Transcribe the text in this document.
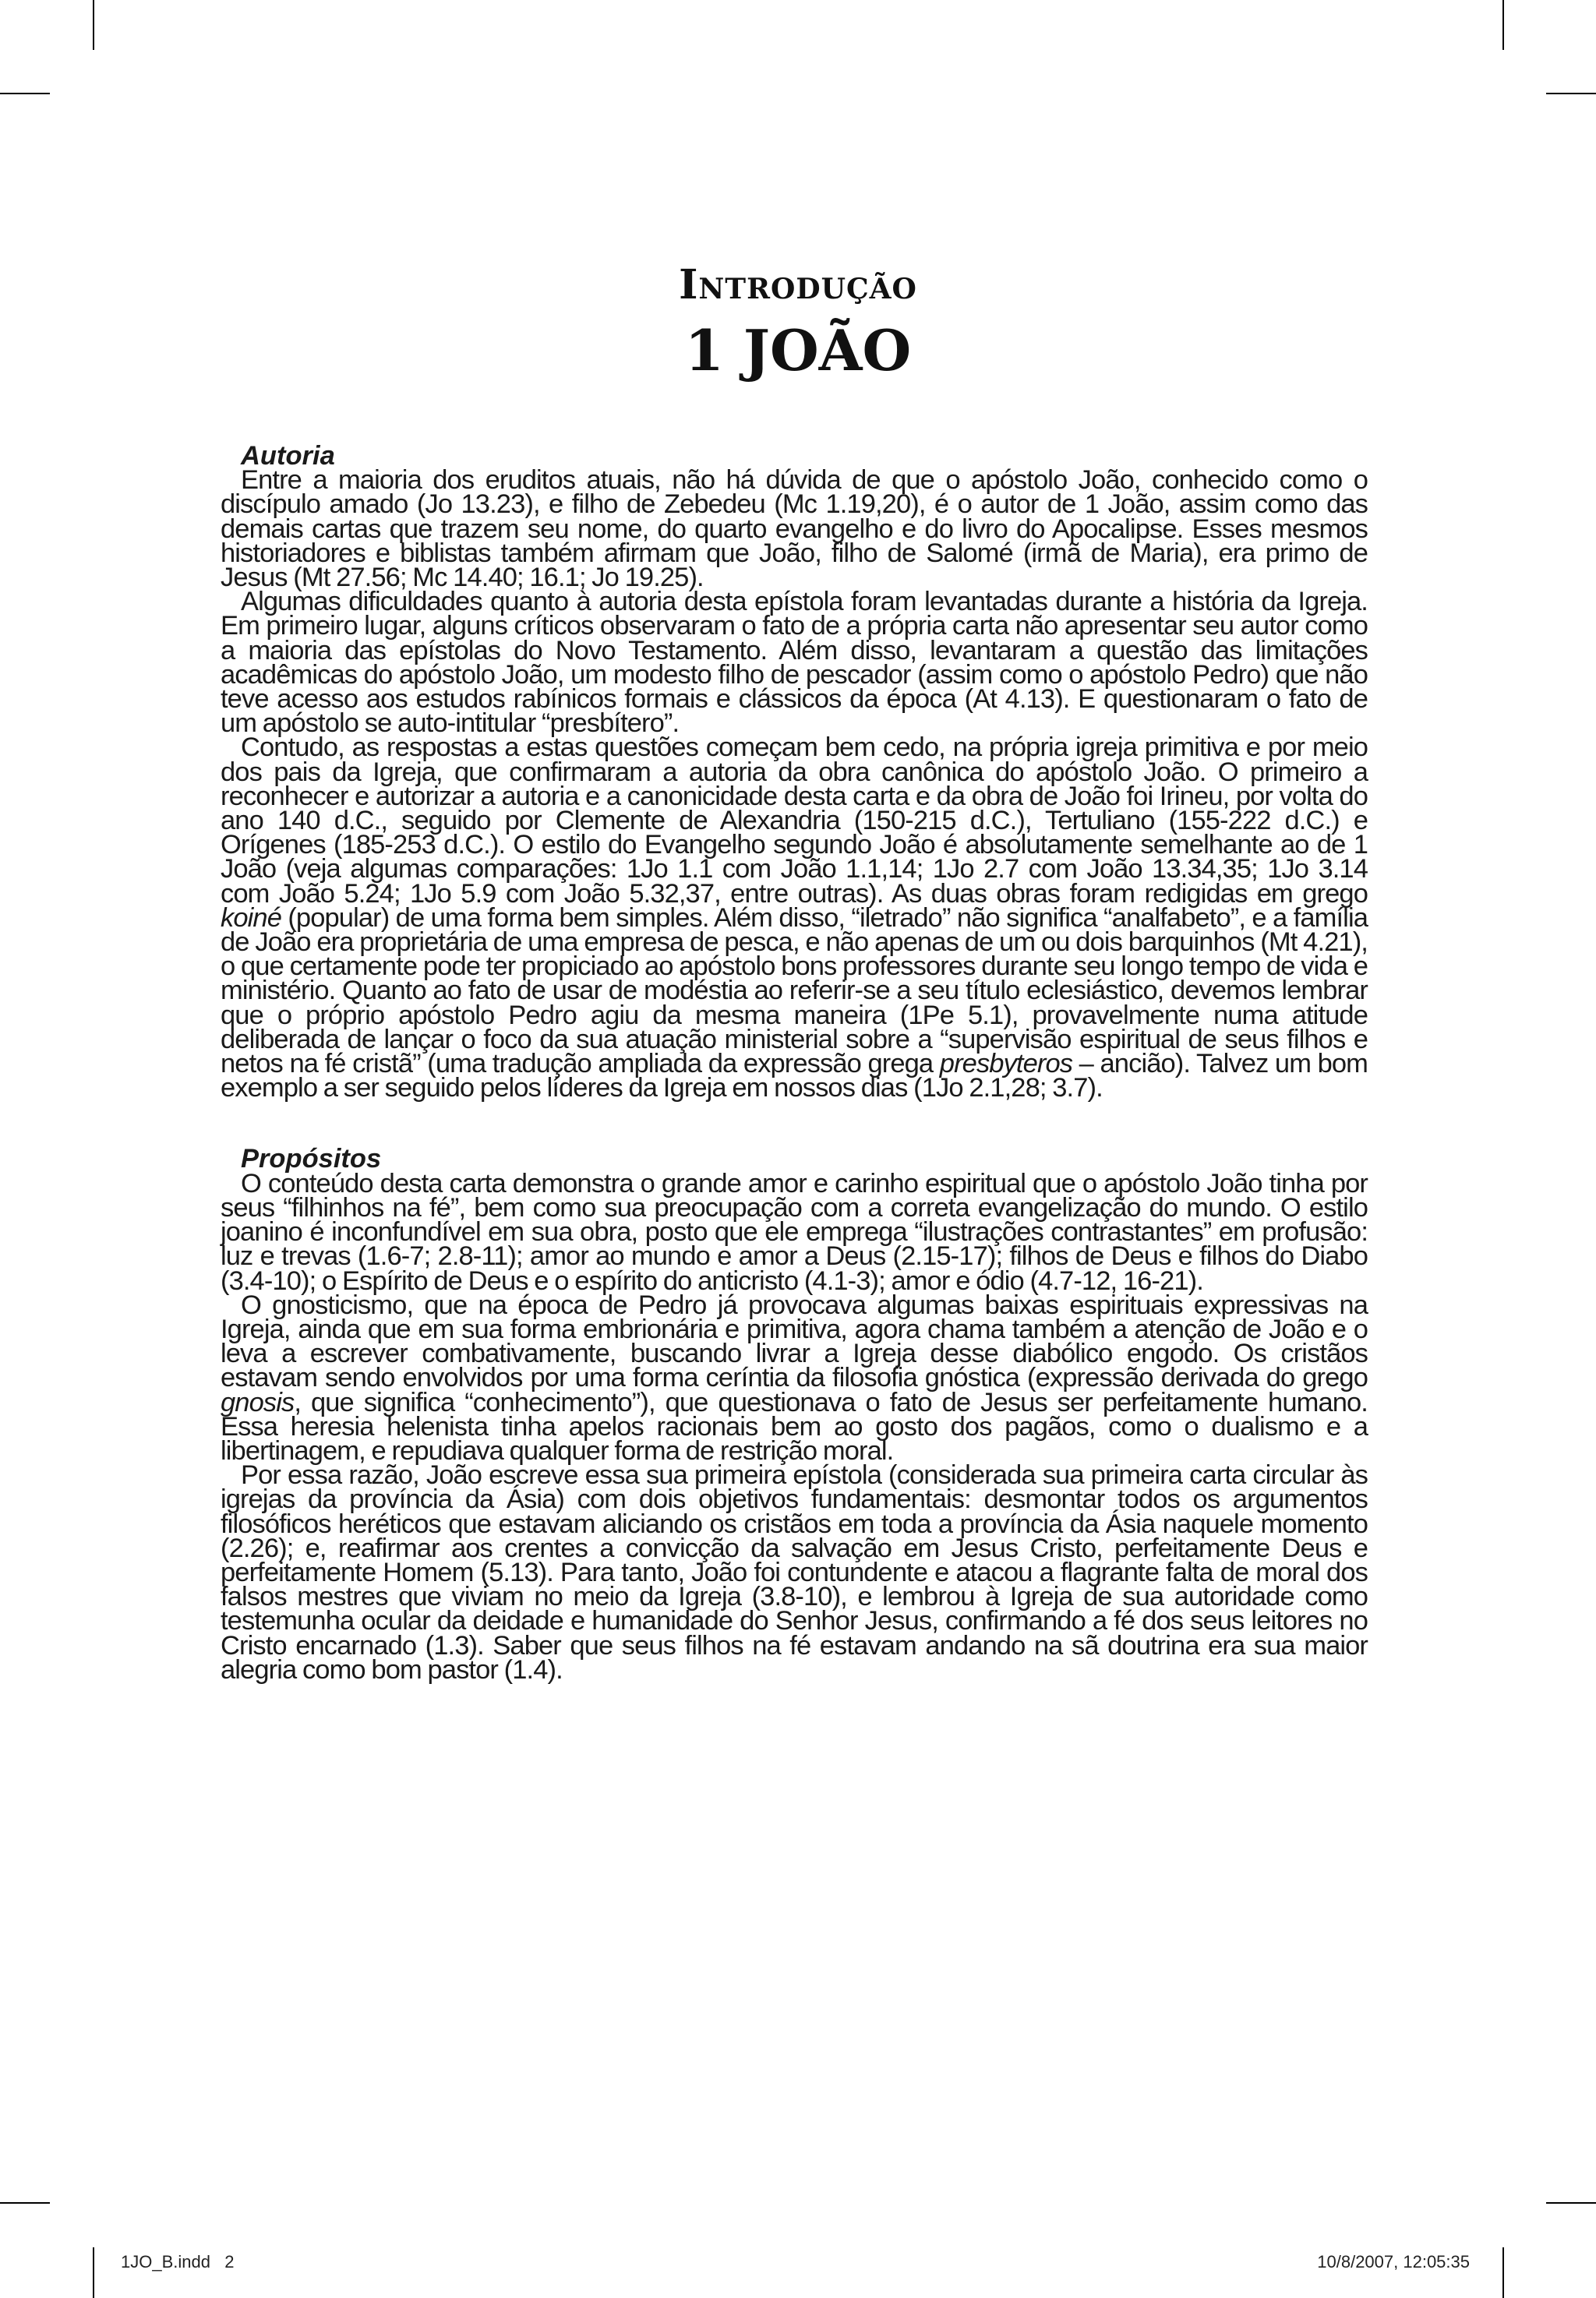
Introdução
1 JOÃO

Autoria

Entre a maioria dos eruditos atuais, não há dúvida de que o apóstolo João, conhecido como o discípulo amado (Jo 13.23), e filho de Zebedeu (Mc 1.19,20), é o autor de 1 João, assim como das demais cartas que trazem seu nome, do quarto evangelho e do livro do Apocalipse. Esses mesmos historiadores e biblistas também afirmam que João, filho de Salomé (irmã de Maria), era primo de Jesus (Mt 27.56; Mc 14.40; 16.1; Jo 19.25).

Algumas dificuldades quanto à autoria desta epístola foram levantadas durante a história da Igreja. Em primeiro lugar, alguns críticos observaram o fato de a própria carta não apresentar seu autor como a maioria das epístolas do Novo Testamento. Além disso, levantaram a questão das limitações acadêmicas do apóstolo João, um modesto filho de pescador (assim como o apóstolo Pedro) que não teve acesso aos estudos rabínicos formais e clássicos da época (At 4.13). E questionaram o fato de um apóstolo se auto-intitular “presbítero”.

Contudo, as respostas a estas questões começam bem cedo, na própria igreja primitiva e por meio dos pais da Igreja, que confirmaram a autoria da obra canônica do apóstolo João. O primeiro a reconhecer e autorizar a autoria e a canonicidade desta carta e da obra de João foi Irineu, por volta do ano 140 d.C., seguido por Clemente de Alexandria (150-215 d.C.), Tertuliano (155-222 d.C.) e Orígenes (185-253 d.C.). O estilo do Evangelho segundo João é absolutamente semelhante ao de 1 João (veja algumas comparações: 1Jo 1.1 com João 1.1,14; 1Jo 2.7 com João 13.34,35; 1Jo 3.14 com João 5.24; 1Jo 5.9 com João 5.32,37, entre outras). As duas obras foram redigidas em grego koiné (popular) de uma forma bem simples. Além disso, “iletrado” não significa “analfabeto”, e a família de João era proprietária de uma empresa de pesca, e não apenas de um ou dois barquinhos (Mt 4.21), o que certamente pode ter propiciado ao apóstolo bons professores durante seu longo tempo de vida e ministério. Quanto ao fato de usar de modéstia ao referir-se a seu título eclesiástico, devemos lembrar que o próprio apóstolo Pedro agiu da mesma maneira (1Pe 5.1), provavelmente numa atitude deliberada de lançar o foco da sua atuação ministerial sobre a “supervisão espiritual de seus filhos e netos na fé cristã” (uma tradução ampliada da expressão grega presbyteros – ancião). Talvez um bom exemplo a ser seguido pelos líderes da Igreja em nossos dias (1Jo 2.1,28; 3.7).

Propósitos

O conteúdo desta carta demonstra o grande amor e carinho espiritual que o apóstolo João tinha por seus “filhinhos na fé”, bem como sua preocupação com a correta evangelização do mundo. O estilo joanino é inconfundível em sua obra, posto que ele emprega “ilustrações contrastantes” em profusão: luz e trevas (1.6-7; 2.8-11); amor ao mundo e amor a Deus (2.15-17); filhos de Deus e filhos do Diabo (3.4-10); o Espírito de Deus e o espírito do anticristo (4.1-3); amor e ódio (4.7-12, 16-21).

O gnosticismo, que na época de Pedro já provocava algumas baixas espirituais expressivas na Igreja, ainda que em sua forma embrionária e primitiva, agora chama também a atenção de João e o leva a escrever combativamente, buscando livrar a Igreja desse diabólico engodo. Os cristãos estavam sendo envolvidos por uma forma ceríntia da filosofia gnóstica (expressão derivada do grego gnosis, que significa “conhecimento”), que questionava o fato de Jesus ser perfeitamente humano. Essa heresia helenista tinha apelos racionais bem ao gosto dos pagãos, como o dualismo e a libertinagem, e repudiava qualquer forma de restrição moral.

Por essa razão, João escreve essa sua primeira epístola (considerada sua primeira carta circular às igrejas da província da Ásia) com dois objetivos fundamentais: desmontar todos os argumentos filosóficos heréticos que estavam aliciando os cristãos em toda a província da Ásia naquele momento (2.26); e, reafirmar aos crentes a convicção da salvação em Jesus Cristo, perfeitamente Deus e perfeitamente Homem (5.13). Para tanto, João foi contundente e atacou a flagrante falta de moral dos falsos mestres que viviam no meio da Igreja (3.8-10), e lembrou à Igreja de sua autoridade como testemunha ocular da deidade e humanidade do Senhor Jesus, confirmando a fé dos seus leitores no Cristo encarnado (1.3). Saber que seus filhos na fé estavam andando na sã doutrina era sua maior alegria como bom pastor (1.4).

1JO_B.indd   2	10/8/2007, 12:05:35
